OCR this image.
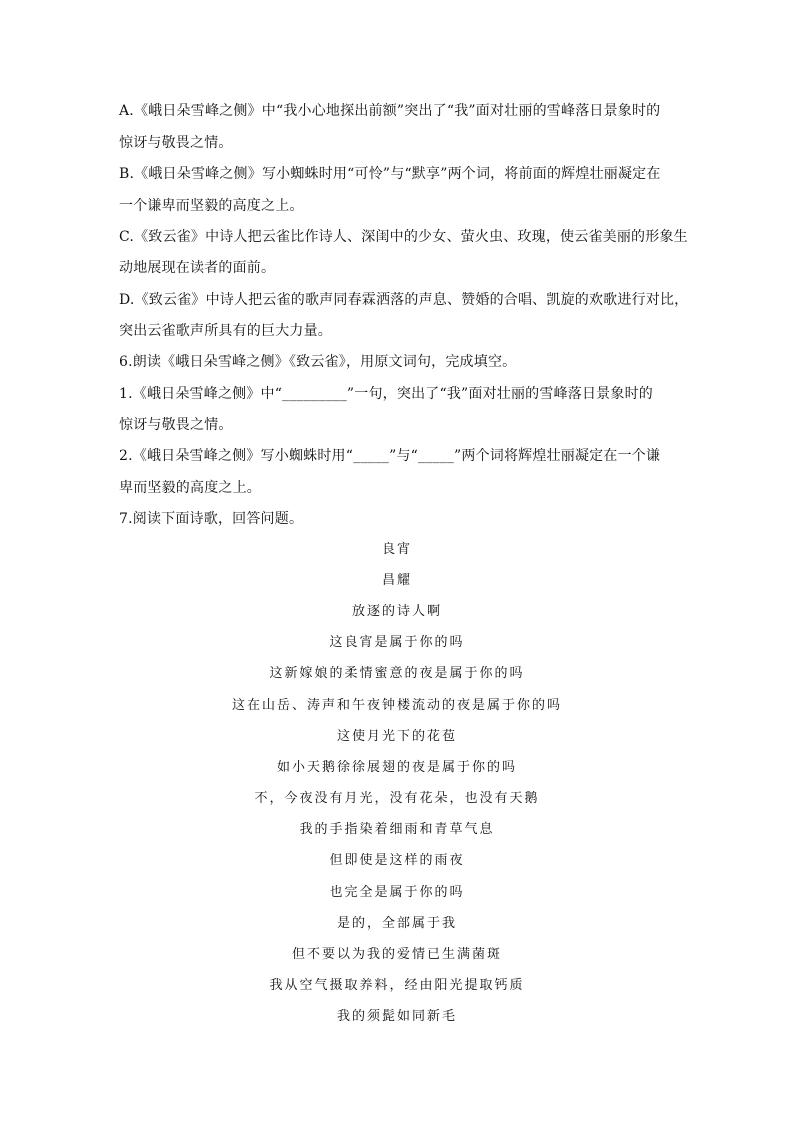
A.《峨日朵雪峰之侧》中“我小心地探出前额”突出了“我”面对壮丽的雪峰落日景象时的
惊讶与敬畏之情。
B.《峨日朵雪峰之侧》写小蜘蛛时用“可怜”与“默享”两个词，将前面的辉煌壮丽凝定在
一个谦卑而坚毅的高度之上。
C.《致云雀》中诗人把云雀比作诗人、深闺中的少女、萤火虫、玫瑰，使云雀美丽的形象生
动地展现在读者的面前。
D.《致云雀》中诗人把云雀的歌声同春霖洒落的声息、赞婚的合唱、凯旋的欢歌进行对比，
突出云雀歌声所具有的巨大力量。
6.朗读《峨日朵雪峰之侧》《致云雀》，用原文词句，完成填空。
1.《峨日朵雪峰之侧》中“_________”一句，突出了“我”面对壮丽的雪峰落日景象时的
惊讶与敬畏之情。
2.《峨日朵雪峰之侧》写小蜘蛛时用“_____”与“_____”两个词将辉煌壮丽凝定在一个谦
卑而坚毅的高度之上。
7.阅读下面诗歌，回答问题。
良宵
昌耀
放逐的诗人啊
这良宵是属于你的吗
这新嫁娘的柔情蜜意的夜是属于你的吗
这在山岳、涛声和午夜钟楼流动的夜是属于你的吗
这使月光下的花苞
如小天鹅徐徐展翅的夜是属于你的吗
不，今夜没有月光，没有花朵，也没有天鹅
我的手指染着细雨和青草气息
但即使是这样的雨夜
也完全是属于你的吗
是的，全部属于我
但不要以为我的爱情已生满菌斑
我从空气摄取养料，经由阳光提取钙质
我的须髭如同新毛
